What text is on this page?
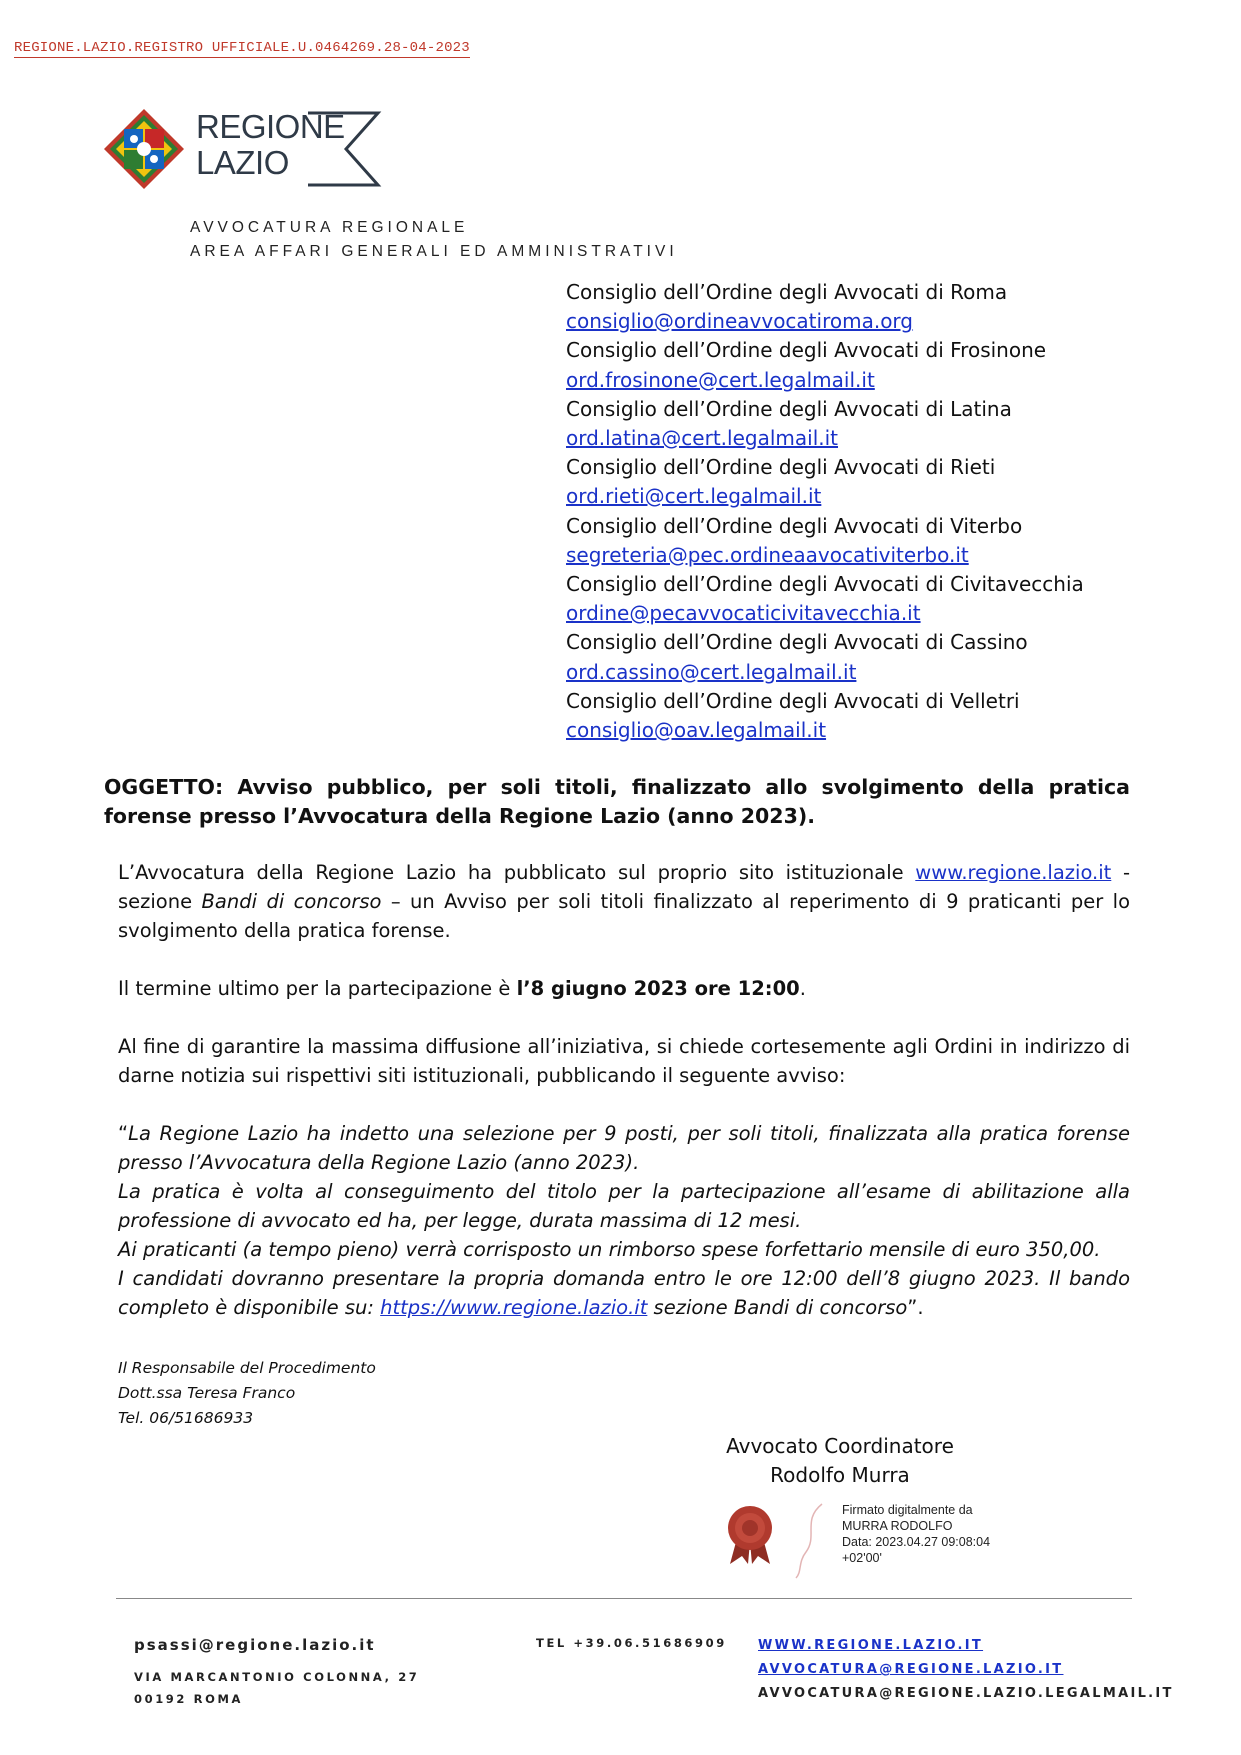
REGIONE.LAZIO.REGISTRO UFFICIALE.U.0464269.28-04-2023
REGIONE
LAZIO
AVVOCATURA REGIONALE
AREA AFFARI GENERALI ED AMMINISTRATIVI
Consiglio dell’Ordine degli Avvocati di Roma
consiglio@ordineavvocatiroma.org
Consiglio dell’Ordine degli Avvocati di Frosinone
ord.frosinone@cert.legalmail.it
Consiglio dell’Ordine degli Avvocati di Latina
ord.latina@cert.legalmail.it
Consiglio dell’Ordine degli Avvocati di Rieti
ord.rieti@cert.legalmail.it
Consiglio dell’Ordine degli Avvocati di Viterbo
segreteria@pec.ordineaavocativiterbo.it
Consiglio dell’Ordine degli Avvocati di Civitavecchia
ordine@pecavvocaticivitavecchia.it
Consiglio dell’Ordine degli Avvocati di Cassino
ord.cassino@cert.legalmail.it
Consiglio dell’Ordine degli Avvocati di Velletri
consiglio@oav.legalmail.it
OGGETTO: Avviso pubblico, per soli titoli, finalizzato allo svolgimento della pratica forense presso l’Avvocatura della Regione Lazio (anno 2023).

L’Avvocatura della Regione Lazio ha pubblicato sul proprio sito istituzionale www.regione.lazio.it - sezione Bandi di concorso – un Avviso per soli titoli finalizzato al reperimento di 9 praticanti per lo svolgimento della pratica forense.

Il termine ultimo per la partecipazione è l’8 giugno 2023 ore 12:00.

Al fine di garantire la massima diffusione all’iniziativa, si chiede cortesemente agli Ordini in indirizzo di darne notizia sui rispettivi siti istituzionali, pubblicando il seguente avviso:

“La Regione Lazio ha indetto una selezione per 9 posti, per soli titoli, finalizzata alla pratica forense presso l’Avvocatura della Regione Lazio (anno 2023).

La pratica è volta al conseguimento del titolo per la partecipazione all’esame di abilitazione alla professione di avvocato ed ha, per legge, durata massima di 12 mesi.

Ai praticanti (a tempo pieno) verrà corrisposto un rimborso spese forfettario mensile di euro 350,00.

I candidati dovranno presentare la propria domanda entro le ore 12:00 dell’8 giugno 2023. Il bando completo è disponibile su: https://www.regione.lazio.it sezione Bandi di concorso”.

Il Responsabile del Procedimento
Dott.ssa Teresa Franco
Tel. 06/51686933
Avvocato Coordinatore
Rodolfo Murra
Firmato digitalmente da
MURRA RODOLFO
Data: 2023.04.27 09:08:04
+02'00'
psassi@regione.lazio.it
VIA MARCANTONIO COLONNA, 27
00192 ROMA
TEL +39.06.51686909 WWW.REGIONE.LAZIO.IT
AVVOCATURA@REGIONE.LAZIO.IT
AVVOCATURA@REGIONE.LAZIO.LEGALMAIL.IT
